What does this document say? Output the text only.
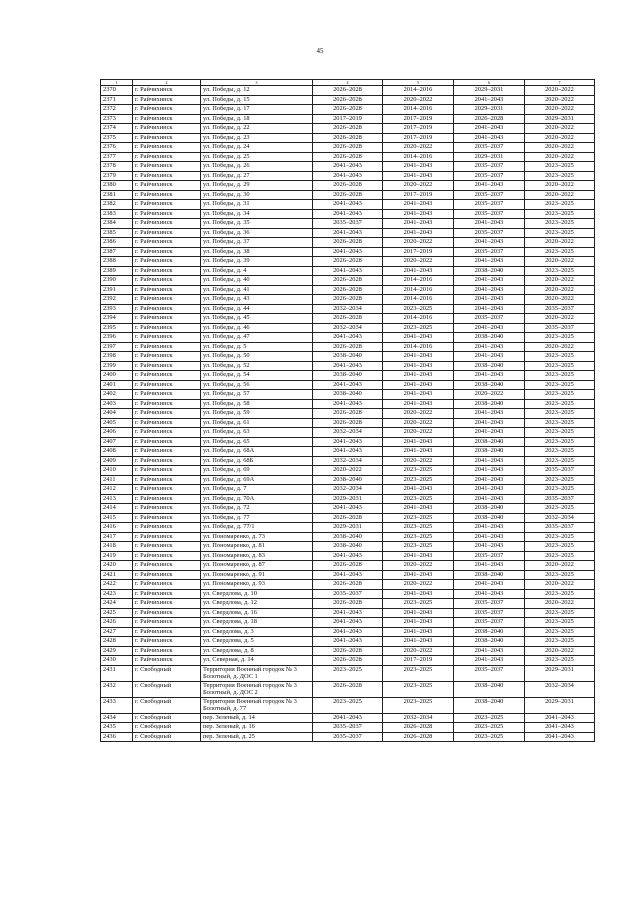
45
1	2	3	4	5	6	7
2370	г. Райчихинск	ул. Победы, д. 12	2026–2028	2014–2016	2029–2031	2020–2022
2371	г. Райчихинск	ул. Победы, д. 15	2026–2028	2020–2022	2041–2043	2020–2022
2372	г. Райчихинск	ул. Победы, д. 17	2026–2028	2014–2016	2029–2031	2020–2022
2373	г. Райчихинск	ул. Победы, д. 18	2017–2019	2017–2019	2026–2028	2029–2031
2374	г. Райчихинск	ул. Победы, д. 22	2026–2028	2017–2019	2041–2043	2020–2022
2375	г. Райчихинск	ул. Победы, д. 23	2026–2028	2017–2019	2041–2043	2020–2022
2376	г. Райчихинск	ул. Победы, д. 24	2026–2028	2020–2022	2035–2037	2020–2022
2377	г. Райчихинск	ул. Победы, д. 25	2026–2028	2014–2016	2029–2031	2020–2022
2378	г. Райчихинск	ул. Победы, д. 26	2041–2043	2041–2043	2035–2037	2023–2025
2379	г. Райчихинск	ул. Победы, д. 27	2041–2043	2041–2043	2035–2037	2023–2025
2380	г. Райчихинск	ул. Победы, д. 29	2026–2028	2020–2022	2041–2043	2020–2022
2381	г. Райчихинск	ул. Победы, д. 30	2026–2028	2017–2019	2035–2037	2020–2022
2382	г. Райчихинск	ул. Победы, д. 31	2041–2043	2041–2043	2035–2037	2023–2025
2383	г. Райчихинск	ул. Победы, д. 34	2041–2043	2041–2043	2035–2037	2023–2025
2384	г. Райчихинск	ул. Победы, д. 35	2035–2037	2041–2043	2041–2043	2023–2025
2385	г. Райчихинск	ул. Победы, д. 36	2041–2043	2041–2043	2035–2037	2023–2025
2386	г. Райчихинск	ул. Победы, д. 37	2026–2028	2020–2022	2041–2043	2020–2022
2387	г. Райчихинск	ул. Победы, д. 38	2041–2043	2017–2019	2035–2037	2023–2025
2388	г. Райчихинск	ул. Победы, д. 39	2026–2028	2020–2022	2041–2043	2020–2022
2389	г. Райчихинск	ул. Победы, д. 4	2041–2043	2041–2043	2038–2040	2023–2025
2390	г. Райчихинск	ул. Победы, д. 40	2026–2028	2014–2016	2041–2043	2020–2022
2391	г. Райчихинск	ул. Победы, д. 41	2026–2028	2014–2016	2041–2043	2020–2022
2392	г. Райчихинск	ул. Победы, д. 43	2026–2028	2014–2016	2041–2043	2020–2022
2393	г. Райчихинск	ул. Победы, д. 44	2032–2034	2023–2025	2041–2043	2035–2037
2394	г. Райчихинск	ул. Победы, д. 45	2026–2028	2014–2016	2035–2037	2020–2022
2395	г. Райчихинск	ул. Победы, д. 46	2032–2034	2023–2025	2041–2043	2035–2037
2396	г. Райчихинск	ул. Победы, д. 47	2041–2043	2041–2043	2038–2040	2023–2025
2397	г. Райчихинск	ул. Победы, д. 5	2026–2028	2014–2016	2041–2043	2020–2022
2398	г. Райчихинск	ул. Победы, д. 50	2038–2040	2041–2043	2041–2043	2023–2025
2399	г. Райчихинск	ул. Победы, д. 52	2041–2043	2041–2043	2038–2040	2023–2025
2400	г. Райчихинск	ул. Победы, д. 54	2038–2040	2041–2043	2041–2043	2023–2025
2401	г. Райчихинск	ул. Победы, д. 56	2041–2043	2041–2043	2038–2040	2023–2025
2402	г. Райчихинск	ул. Победы, д. 57	2038–2040	2041–2043	2020–2022	2023–2025
2403	г. Райчихинск	ул. Победы, д. 58	2041–2043	2041–2043	2038–2040	2023–2025
2404	г. Райчихинск	ул. Победы, д. 59	2026–2028	2020–2022	2041–2043	2023–2025
2405	г. Райчихинск	ул. Победы, д. 61	2026–2028	2020–2022	2041–2043	2023–2025
2406	г. Райчихинск	ул. Победы, д. 63	2032–2034	2020–2022	2041–2043	2023–2025
2407	г. Райчихинск	ул. Победы, д. 65	2041–2043	2041–2043	2038–2040	2023–2025
2408	г. Райчихинск	ул. Победы, д. 68А	2041–2043	2041–2043	2038–2040	2023–2025
2409	г. Райчихинск	ул. Победы, д. 68Б	2032–2034	2020–2022	2041–2043	2023–2025
2410	г. Райчихинск	ул. Победы, д. 69	2020–2022	2023–2025	2041–2043	2035–2037
2411	г. Райчихинск	ул. Победы, д. 69А	2038–2040	2023–2025	2041–2043	2023–2025
2412	г. Райчихинск	ул. Победы, д. 7	2032–2034	2041–2043	2041–2043	2023–2025
2413	г. Райчихинск	ул. Победы, д. 70А	2029–2031	2023–2025	2041–2043	2035–2037
2414	г. Райчихинск	ул. Победы, д. 72	2041–2043	2041–2043	2038–2040	2023–2025
2415	г. Райчихинск	ул. Победы, д. 77	2026–2028	2023–2025	2038–2040	2032–2034
2416	г. Райчихинск	ул. Победы, д. 77/1	2029–2031	2023–2025	2041–2043	2035–2037
2417	г. Райчихинск	ул. Пономаренко, д. 73	2038–2040	2023–2025	2041–2043	2023–2025
2418	г. Райчихинск	ул. Пономаренко, д. 81	2038–2040	2023–2025	2041–2043	2023–2025
2419	г. Райчихинск	ул. Пономаренко, д. 83	2041–2043	2041–2043	2035–2037	2023–2025
2420	г. Райчихинск	ул. Пономаренко, д. 87	2026–2028	2020–2022	2041–2043	2020–2022
2421	г. Райчихинск	ул. Пономаренко, д. 91	2041–2043	2041–2043	2038–2040	2023–2025
2422	г. Райчихинск	ул. Пономаренко, д. 93	2026–2028	2020–2022	2041–2043	2020–2022
2423	г. Райчихинск	ул. Свердлова, д. 10	2035–2037	2041–2043	2041–2043	2023–2025
2424	г. Райчихинск	ул. Свердлова, д. 12	2026–2028	2023–2025	2035–2037	2020–2022
2425	г. Райчихинск	ул. Свердлова, д. 16	2041–2043	2041–2043	2035–2037	2023–2025
2426	г. Райчихинск	ул. Свердлова, д. 18	2041–2043	2041–2043	2035–2037	2023–2025
2427	г. Райчихинск	ул. Свердлова, д. 3	2041–2043	2041–2043	2038–2040	2023–2025
2428	г. Райчихинск	ул. Свердлова, д. 5	2041–2043	2041–2043	2038–2040	2023–2025
2429	г. Райчихинск	ул. Свердлова, д. 8	2026–2028	2020–2022	2041–2043	2020–2022
2430	г. Райчихинск	ул. Северная, д. 14	2026–2028	2017–2019	2041–2043	2023–2025
2431	г. Свободный	Территория Военный городок № 3 Болотный, д. ДОС 1	2023–2025	2023–2025	2035–2037	2029–2031
2432	г. Свободный	Территория Военный городок № 3 Болотный, д. ДОС 2	2026–2028	2023–2025	2038–2040	2032–2034
2433	г. Свободный	Территория Военный городок № 3 Болотный, д. 77	2023–2025	2023–2025	2038–2040	2029–2031
2434	г. Свободный	пер. Зеленый, д. 14	2041–2043	2032–2034	2023–2025	2041–2043
2435	г. Свободный	пер. Зеленый, д. 16	2035–2037	2026–2028	2023–2025	2041–2043
2436	г. Свободный	пер. Зеленый, д. 25	2035–2037	2026–2028	2023–2025	2041–2043
